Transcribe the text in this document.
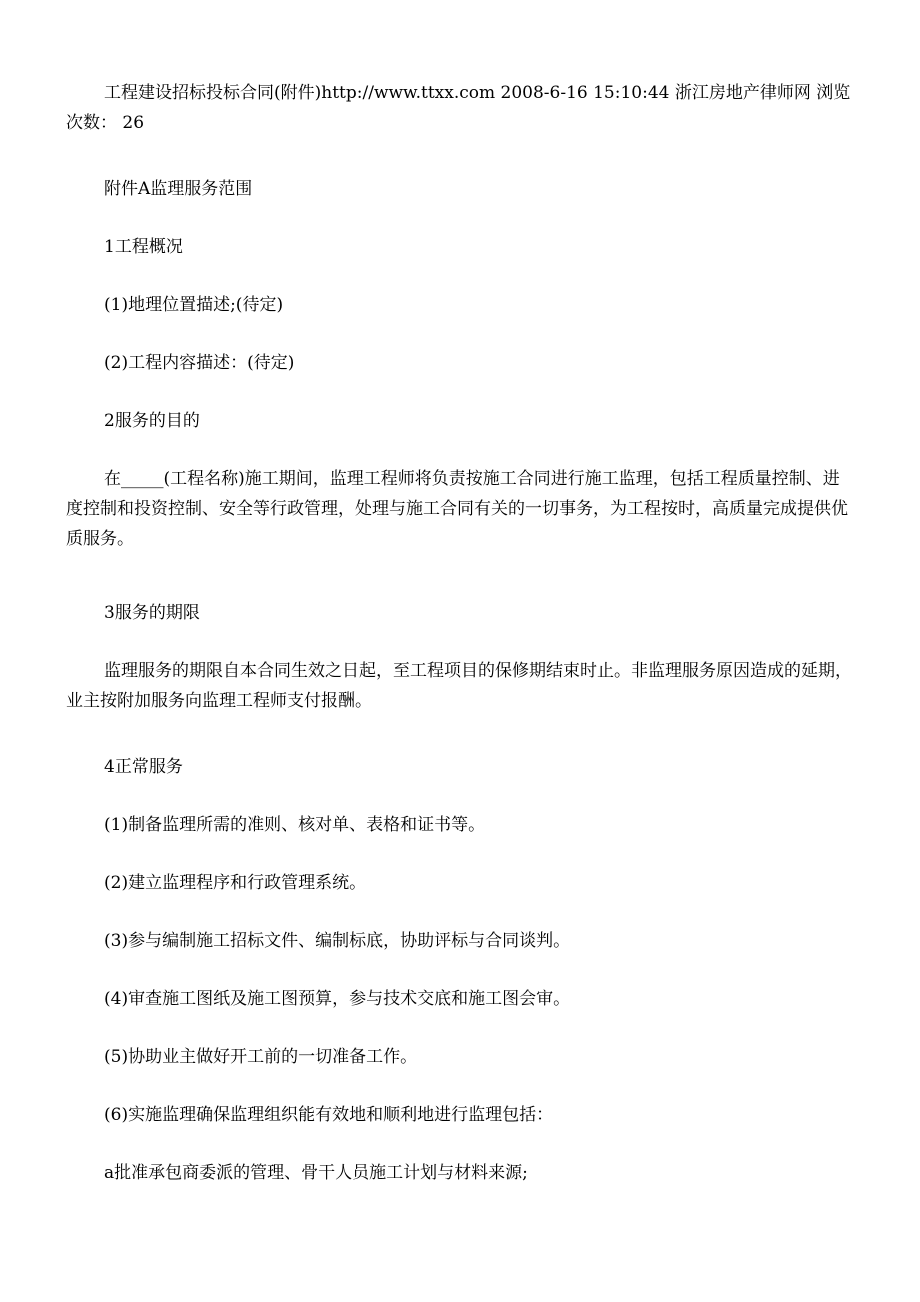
工程建设招标投标合同(附件)http://www.ttxx.com 2008-6-16 15:10:44 浙江房地产律师网 浏览次数： 26

附件A监理服务范围

1工程概况

(1)地理位置描述;(待定)

(2)工程内容描述：(待定)

2服务的目的

在_____(工程名称)施工期间，监理工程师将负责按施工合同进行施工监理，包括工程质量控制、进度控制和投资控制、安全等行政管理，处理与施工合同有关的一切事务，为工程按时，高质量完成提供优质服务。

3服务的期限

监理服务的期限自本合同生效之日起，至工程项目的保修期结束时止。非监理服务原因造成的延期，业主按附加服务向监理工程师支付报酬。

4正常服务

(1)制备监理所需的准则、核对单、表格和证书等。

(2)建立监理程序和行政管理系统。

(3)参与编制施工招标文件、编制标底，协助评标与合同谈判。

(4)审查施工图纸及施工图预算，参与技术交底和施工图会审。

(5)协助业主做好开工前的一切准备工作。

(6)实施监理确保监理组织能有效地和顺利地进行监理包括：

a批准承包商委派的管理、骨干人员施工计划与材料来源;
